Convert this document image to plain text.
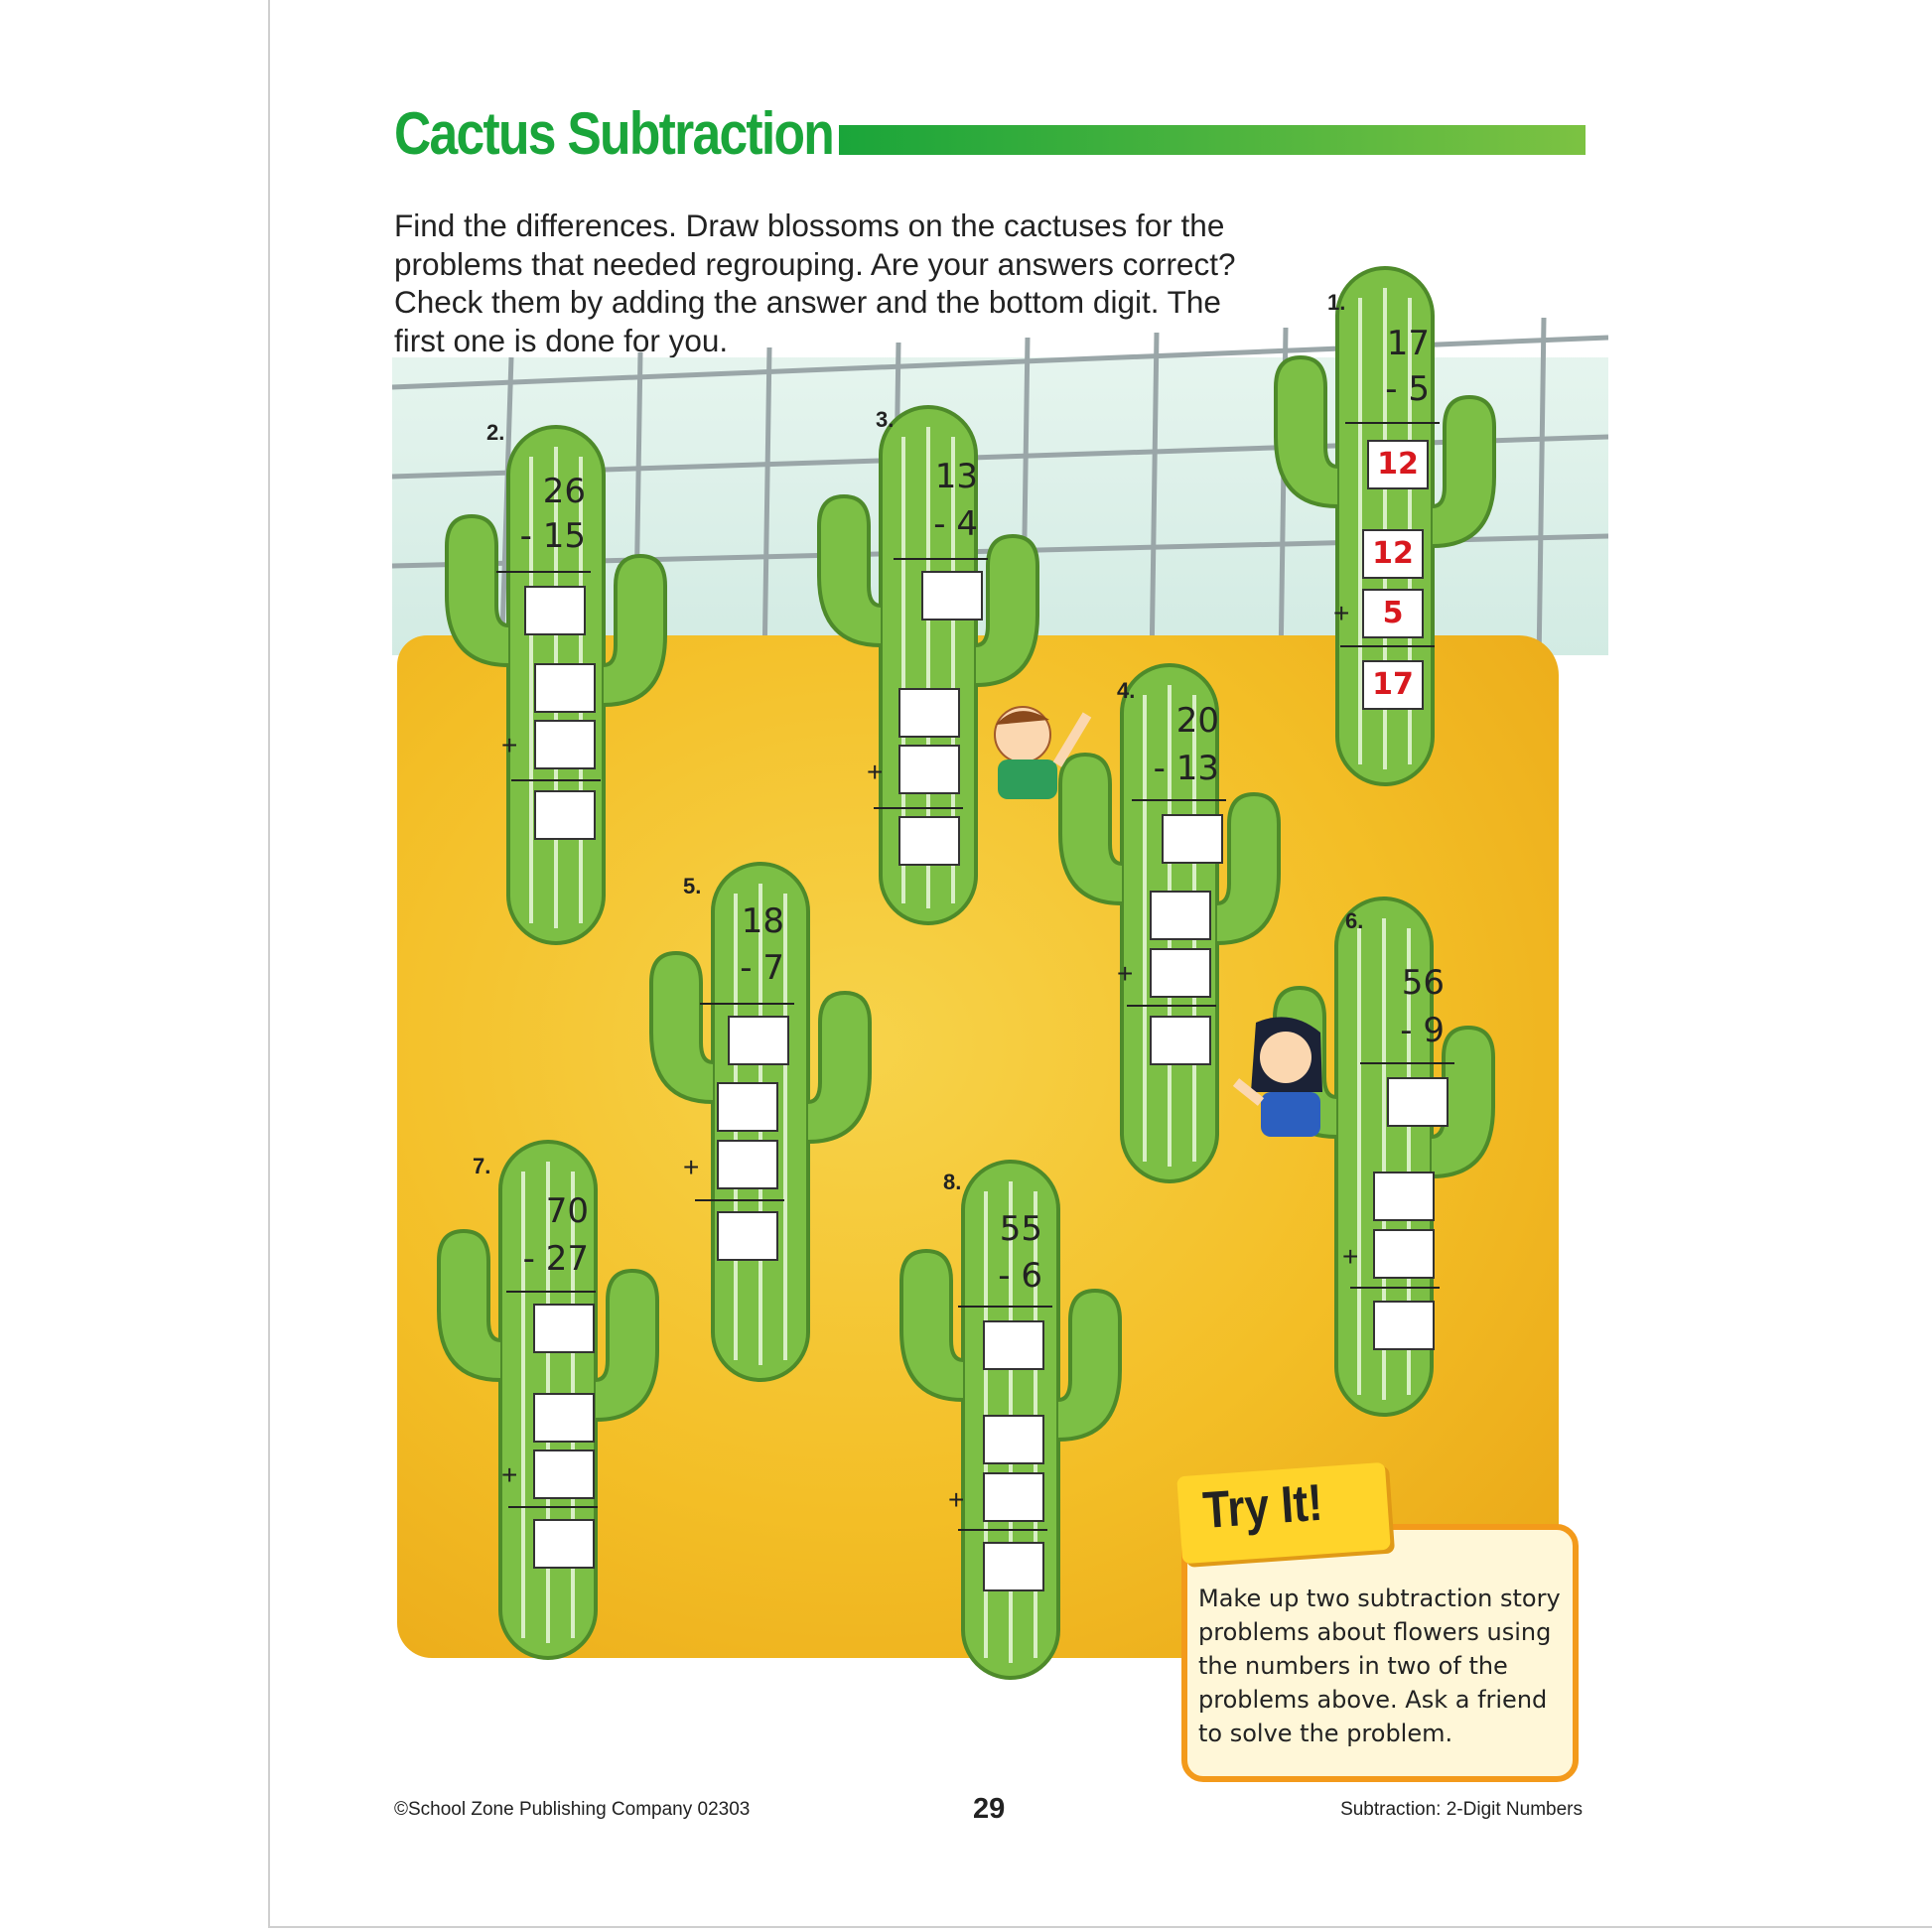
Cactus Subtraction
Find the differences. Draw blossoms on the cactuses for the problems that needed regrouping. Are your answers correct? Check them by adding the answer and the bottom digit. The first one is done for you.
1.
17
- 5
12
12
5
+
17
2.
26
- 15
+
3.
13
- 4
+
4.
20
- 13
+
5.
18
- 7
+
6.
56
- 9
+
7.
70
- 27
+
8.
55
- 6
+	Try It!
Make up two subtraction story problems about flowers using the numbers in two of the problems above. Ask a friend to solve the problem.
©School Zone Publishing Company 02303	29	Subtraction: 2-Digit Numbers
